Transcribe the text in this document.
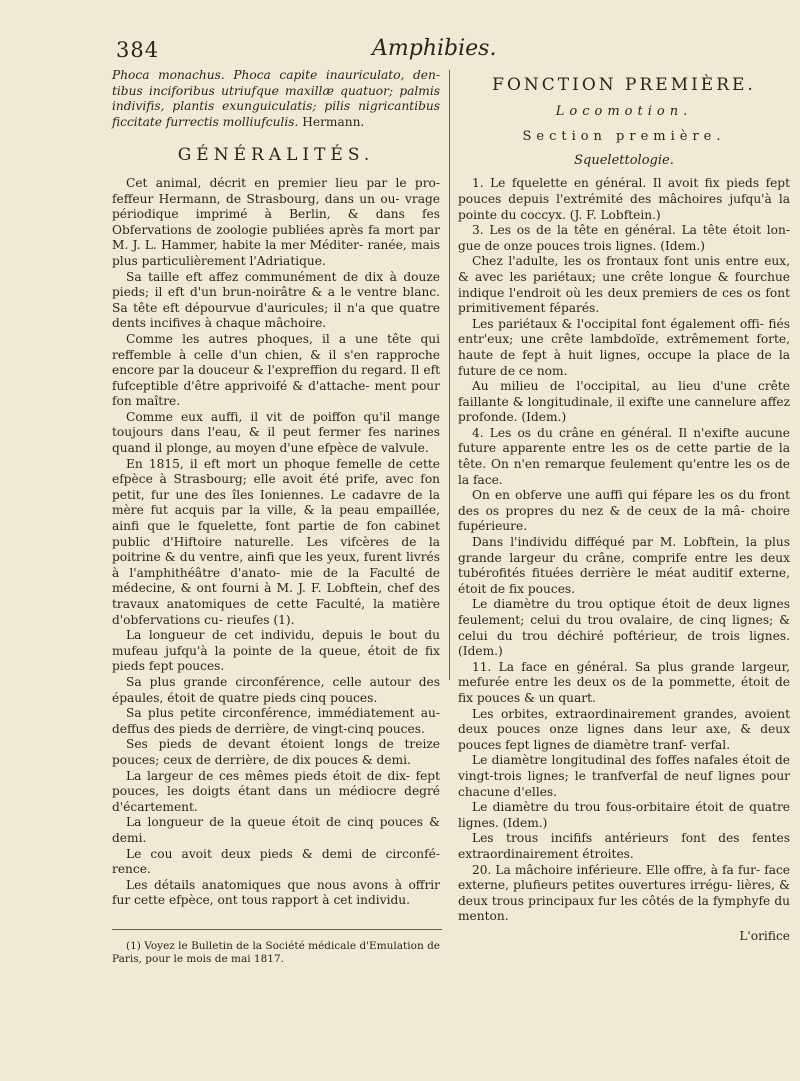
384	Amphibies.

Phoca monachus. Phoca capite inauriculato, den- tibus inciforibus utriufque maxillæ quatuor; palmis indivifis, plantis exunguiculatis; pilis nigricantibus ficcitate furrectis molliufculis. Hermann.

GÉNÉRALITÉS.

Cet animal, décrit en premier lieu par le pro- feffeur Hermann, de Strasbourg, dans un ou- vrage périodique imprimé à Berlin, & dans fes Obfervations de zoologie publiées après fa mort par M. J. L. Hammer, habite la mer Méditer- ranée, mais plus particulièrement l'Adriatique.

Sa taille eft affez communément de dix à douze pieds; il eft d'un brun-noirâtre & a le ventre blanc. Sa tête eft dépourvue d'auricules; il n'a que quatre dents incifives à chaque mâchoire.

Comme les autres phoques, il a une tête qui reffemble à celle d'un chien, & il s'en rapproche encore par la douceur & l'expreffion du regard. Il eft fufceptible d'être apprivoifé & d'attache- ment pour fon maître.

Comme eux auffi, il vit de poiffon qu'il mange toujours dans l'eau, & il peut fermer fes narines quand il plonge, au moyen d'une efpèce de valvule.

En 1815, il eft mort un phoque femelle de cette efpèce à Strasbourg; elle avoit été prife, avec fon petit, fur une des îles Ioniennes. Le cadavre de la mère fut acquis par la ville, & la peau empaillée, ainfi que le fquelette, font partie de fon cabinet public d'Hiftoire naturelle. Les vifcères de la poitrine & du ventre, ainfi que les yeux, furent livrés à l'amphithéâtre d'anato- mie de la Faculté de médecine, & ont fourni à M. J. F. Lobftein, chef des travaux anatomiques de cette Faculté, la matière d'obfervations cu- rieufes (1).

La longueur de cet individu, depuis le bout du mufeau jufqu'à la pointe de la queue, étoit de fix pieds fept pouces.

Sa plus grande circonférence, celle autour des épaules, étoit de quatre pieds cinq pouces.

Sa plus petite circonférence, immédiatement au-deffus des pieds de derrière, de vingt-cinq pouces.

Ses pieds de devant étoient longs de treize pouces; ceux de derrière, de dix pouces & demi.

La largeur de ces mêmes pieds étoit de dix- fept pouces, les doigts étant dans un médiocre degré d'écartement.

La longueur de la queue étoit de cinq pouces & demi.

Le cou avoit deux pieds & demi de circonfé- rence.

Les détails anatomiques que nous avons à offrir fur cette efpèce, ont tous rapport à cet individu.

(1) Voyez le Bulletin de la Société médicale d'Emulation de Paris, pour le mois de mai 1817.

FONCTION PREMIÈRE.
Locomotion.
Section première.
Squelettologie.

1. Le fquelette en général. Il avoit fix pieds fept pouces depuis l'extrémité des mâchoires jufqu'à la pointe du coccyx. (J. F. Lobftein.)

3. Les os de la tête en général. La tête étoit lon- gue de onze pouces trois lignes. (Idem.)

Chez l'adulte, les os frontaux font unis entre eux, & avec les pariétaux; une crête longue & fourchue indique l'endroit où les deux premiers de ces os font primitivement féparés.

Les pariétaux & l'occipital font également offi- fiés entr'eux; une crête lambdoïde, extrêmement forte, haute de fept à huit lignes, occupe la place de la future de ce nom.

Au milieu de l'occipital, au lieu d'une crête faillante & longitudinale, il exifte une cannelure affez profonde. (Idem.)

4. Les os du crâne en général. Il n'exifte aucune future apparente entre les os de cette partie de la tête. On n'en remarque feulement qu'entre les os de la face.

On en obferve une auffi qui fépare les os du front des os propres du nez & de ceux de la mâ- choire fupérieure.

Dans l'individu difféqué par M. Lobftein, la plus grande largeur du crâne, comprife entre les deux tubérofités fituées derrière le méat auditif externe, étoit de fix pouces.

Le diamètre du trou optique étoit de deux lignes feulement; celui du trou ovalaire, de cinq lignes; & celui du trou déchiré poftérieur, de trois lignes. (Idem.)

11. La face en général. Sa plus grande largeur, mefurée entre les deux os de la pommette, étoit de fix pouces & un quart.

Les orbites, extraordinairement grandes, avoient deux pouces onze lignes dans leur axe, & deux pouces fept lignes de diamètre tranf- verfal.

Le diamètre longitudinal des foffes nafales étoit de vingt-trois lignes; le tranfverfal de neuf lignes pour chacune d'elles.

Le diamètre du trou fous-orbitaire étoit de quatre lignes. (Idem.)

Les trous incififs antérieurs font des fentes extraordinairement étroites.

20. La mâchoire inférieure. Elle offre, à fa fur- face externe, plufieurs petites ouvertures irrégu- lières, & deux trous principaux fur les côtés de la fymphyfe du menton.

L'orifice
